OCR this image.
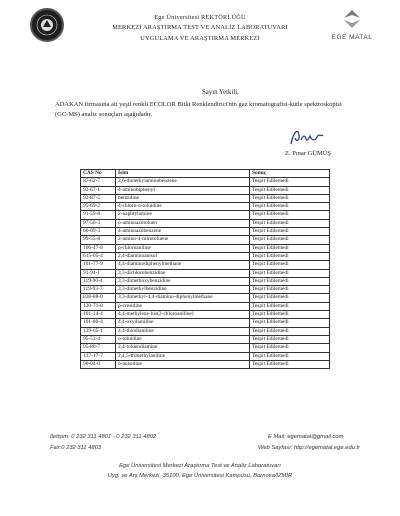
Ege Üniversitesi REKTÖRLÜĞÜ
MERKEZİ ARAŞTIRMA TEST VE ANALİZ LABORATUVARI
UYGULAMA VE ARAŞTIRMA MERKEZİ	EGE MATAL
Sayın Yetkili,
ADAKAN firmasına ait yeşil renkli ECOLOR Bitki Renklendirici'nin gaz kromatografisi-kütle spektroskopisi (GC-MS) analiz sonuçları aşağıdadır.
Z. Pınar GÜMÜŞ
CAS No	İsim	Sonuç
87-62-7	2,6-dimethylaminobenzene	Tespit Edilemedi
92-67-1	4-aminobiphenyl	Tespit Edilemedi
92-87-5	benzidine	Tespit Edilemedi
95-69-2	4-chloro-o-toluidine	Tespit Edilemedi
91-59-8	2-naphtylamine	Tespit Edilemedi
97-56-3	o-aminoazotoluen	Tespit Edilemedi
60-09-3	4-aminoazobenzene	Tespit Edilemedi
99-55-8	2-amino-4-nitrotoluene	Tespit Edilemedi
106-47-8	p-chloroaniline	Tespit Edilemedi
615-05-4	2,4-diaminoanisol	Tespit Edilemedi
101-77-9	4,4-diaminodiphenylmethane	Tespit Edilemedi
91-94-1	3,3-dichlorobenzidine	Tespit Edilemedi
119-90-4	3,3-dimethoxybenzidine	Tespit Edilemedi
119-93-7	3,3-dimethylbenzidine	Tespit Edilemedi
838-88-0	3,3-dimethyl-4,4-diamino-diphenylmethane	Tespit Edilemedi
120-71-8	p-cresidine	Tespit Edilemedi
101-14-4	4,4-methylene-bis(2-chloroaniline)	Tespit Edilemedi
101-80-4	4,4-oxydianiline	Tespit Edilemedi
139-65-1	4,4-thiodianiline	Tespit Edilemedi
95-53-4	o-toluidine	Tespit Edilemedi
95-80-7	2,4-toluendiamine	Tespit Edilemedi
137-17-7	2,4,5-trimethylaniline	Tespit Edilemedi
90-04-0	o-anisidine	Tespit Edilemedi
İletişim: 0 232 311 4801 - 0 232 311 4802
Fax:0 232 311 4803
E Mail: egematal@gmail.com
Web Sayfası: http://egematal.ege.edu.tr
Ege Üniversitesi Merkezi Araştırma Test ve Analiz Laboratuvarı
Uyg. ve Arş Merkezi, 35100, Ege Üniversitesi Kampüsü, Bornova/İZMİR
